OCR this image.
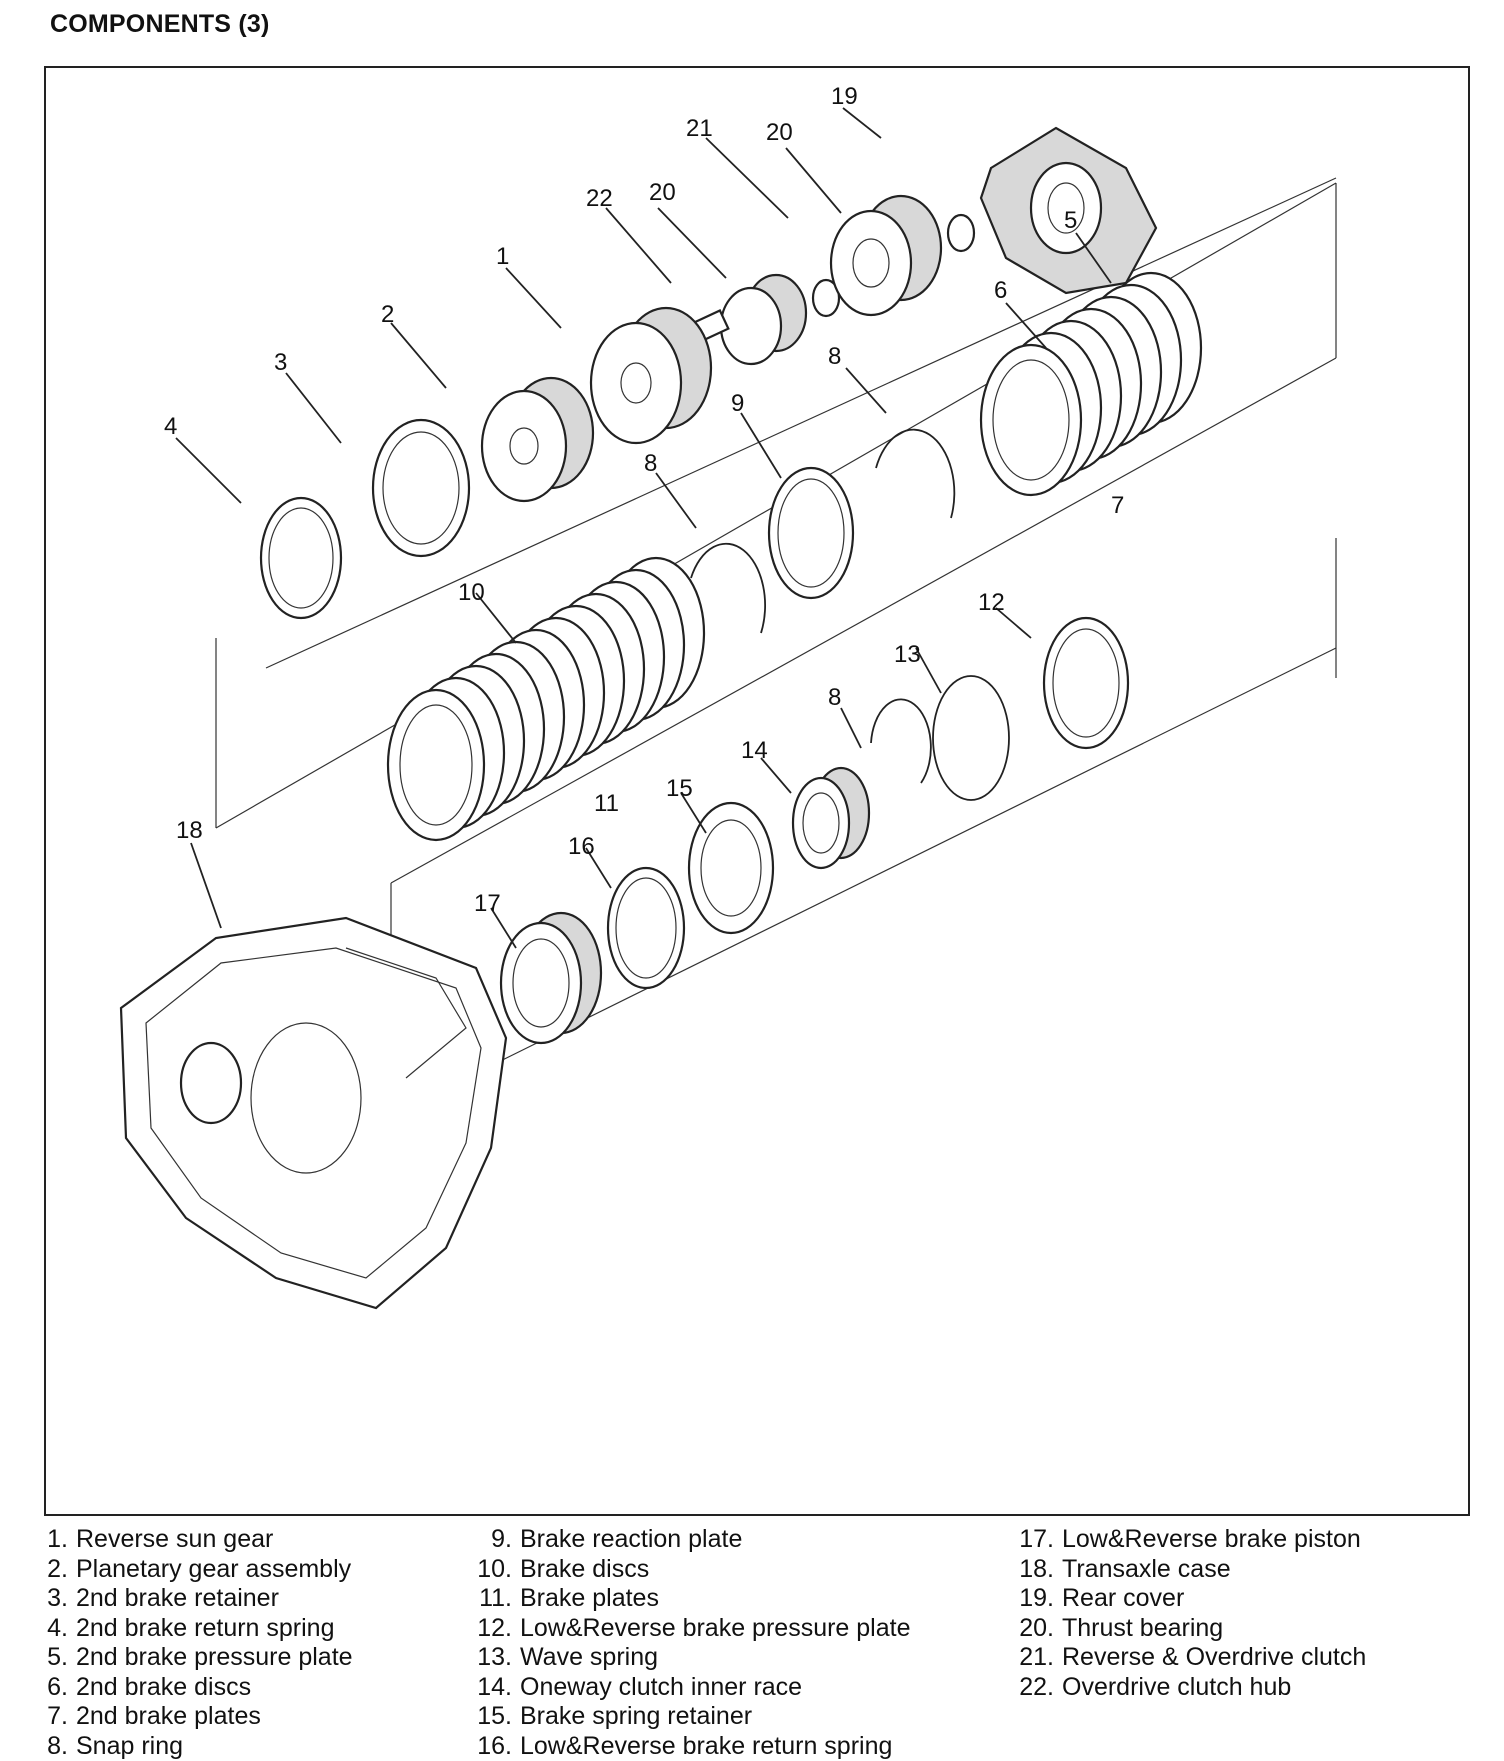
COMPONENTS (3)
19
20
21
20
22
1
2
3
4
5
6
7
8
9
8
10
11
12
13
8
14
15
16
17
18
1. Reverse sun gear
2. Planetary gear assembly
3. 2nd brake retainer
4. 2nd brake return spring
5. 2nd brake pressure plate
6. 2nd brake discs
7. 2nd brake plates
8. Snap ring
9. Brake reaction plate
10. Brake discs
11. Brake plates
12. Low&Reverse brake pressure plate
13. Wave spring
14. Oneway clutch inner race
15. Brake spring retainer
16. Low&Reverse brake return spring
17. Low&Reverse brake piston
18. Transaxle case
19. Rear cover
20. Thrust bearing
21. Reverse & Overdrive clutch
22. Overdrive clutch hub
